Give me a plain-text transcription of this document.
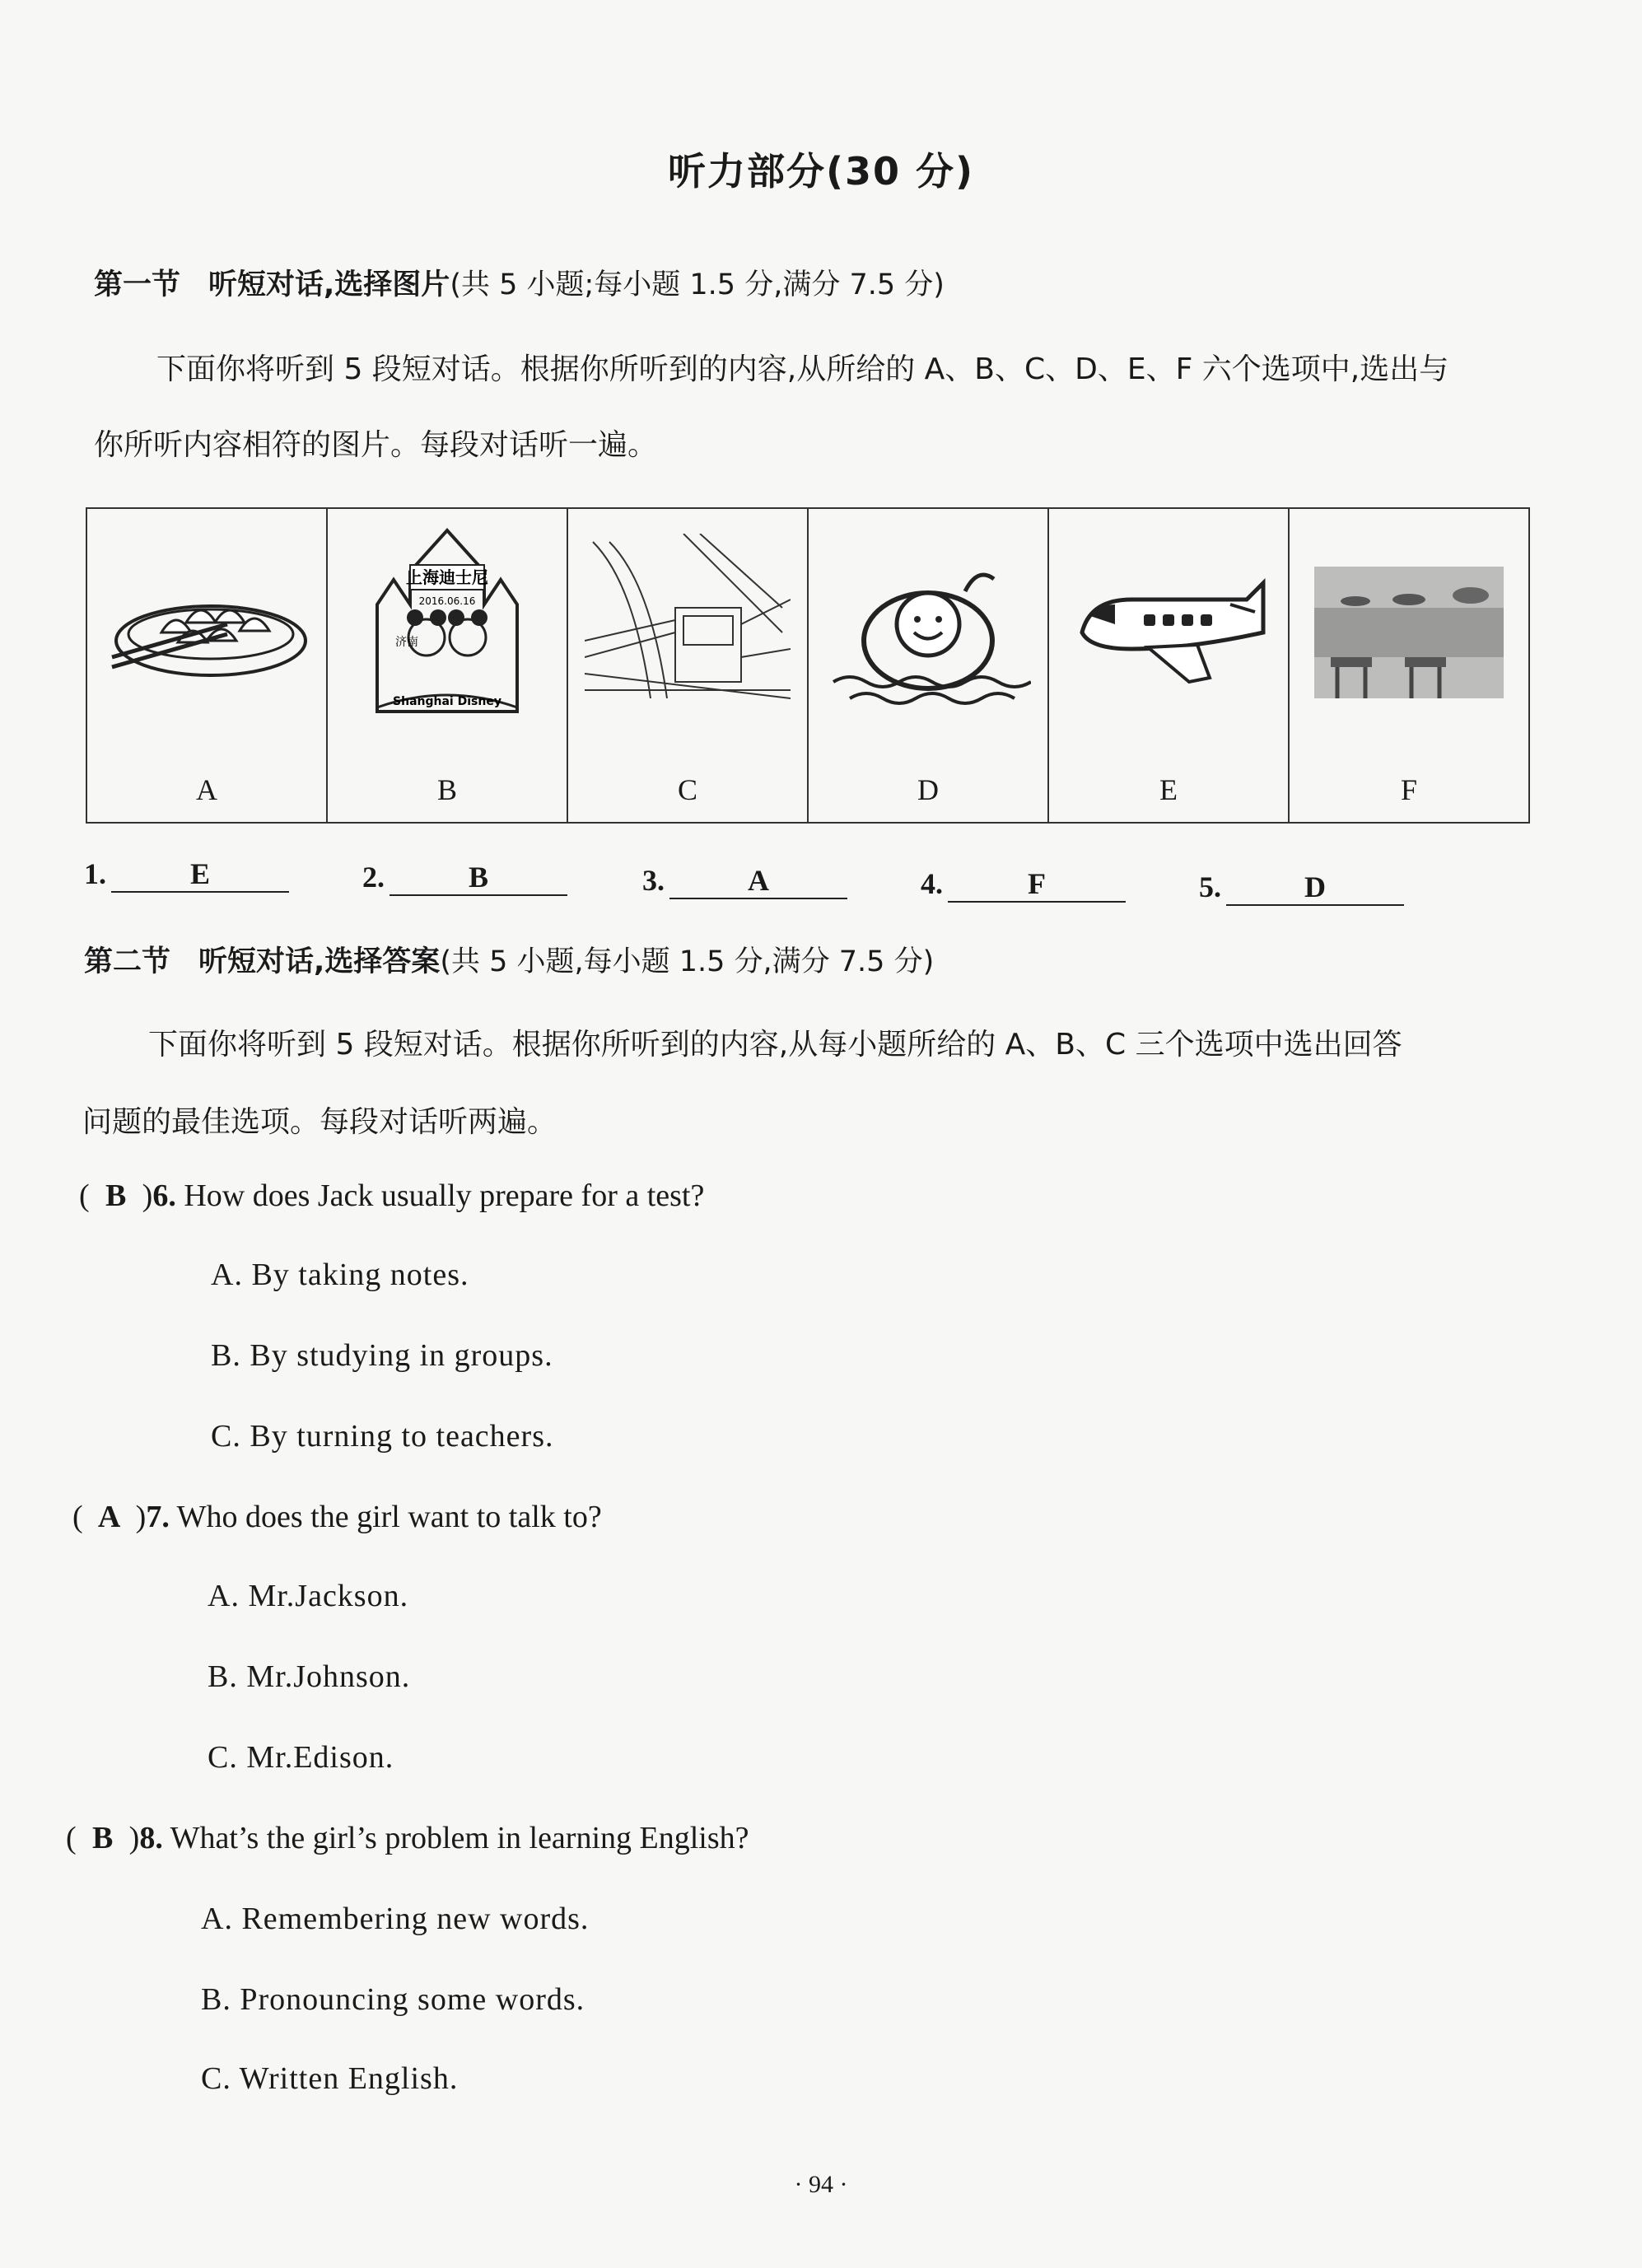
听力部分(30 分)
第一节 听短对话,选择图片(共 5 小题;每小题 1.5 分,满分 7.5 分)
下面你将听到 5 段短对话。根据你所听到的内容,从所给的 A、B、C、D、E、F 六个选项中,选出与
你所听内容相符的图片。每段对话听一遍。
A
上海迪士尼
2016.06.16
济南
Shanghai Disney
B	C	D	E	F
1.	E	2.	B	3.	A	4.	F	5.	D
第二节 听短对话,选择答案(共 5 小题,每小题 1.5 分,满分 7.5 分)
下面你将听到 5 段短对话。根据你所听到的内容,从每小题所给的 A、B、C 三个选项中选出回答
问题的最佳选项。每段对话听两遍。
( B )6. How does Jack usually prepare for a test?
A. By taking notes.
B. By studying in groups.
C. By turning to teachers.
( A )7. Who does the girl want to talk to?
A. Mr.Jackson.
B. Mr.Johnson.
C. Mr.Edison.
( B )8. What’s the girl’s problem in learning English?
A. Remembering new words.
B. Pronouncing some words.
C. Written English.
· 94 ·
